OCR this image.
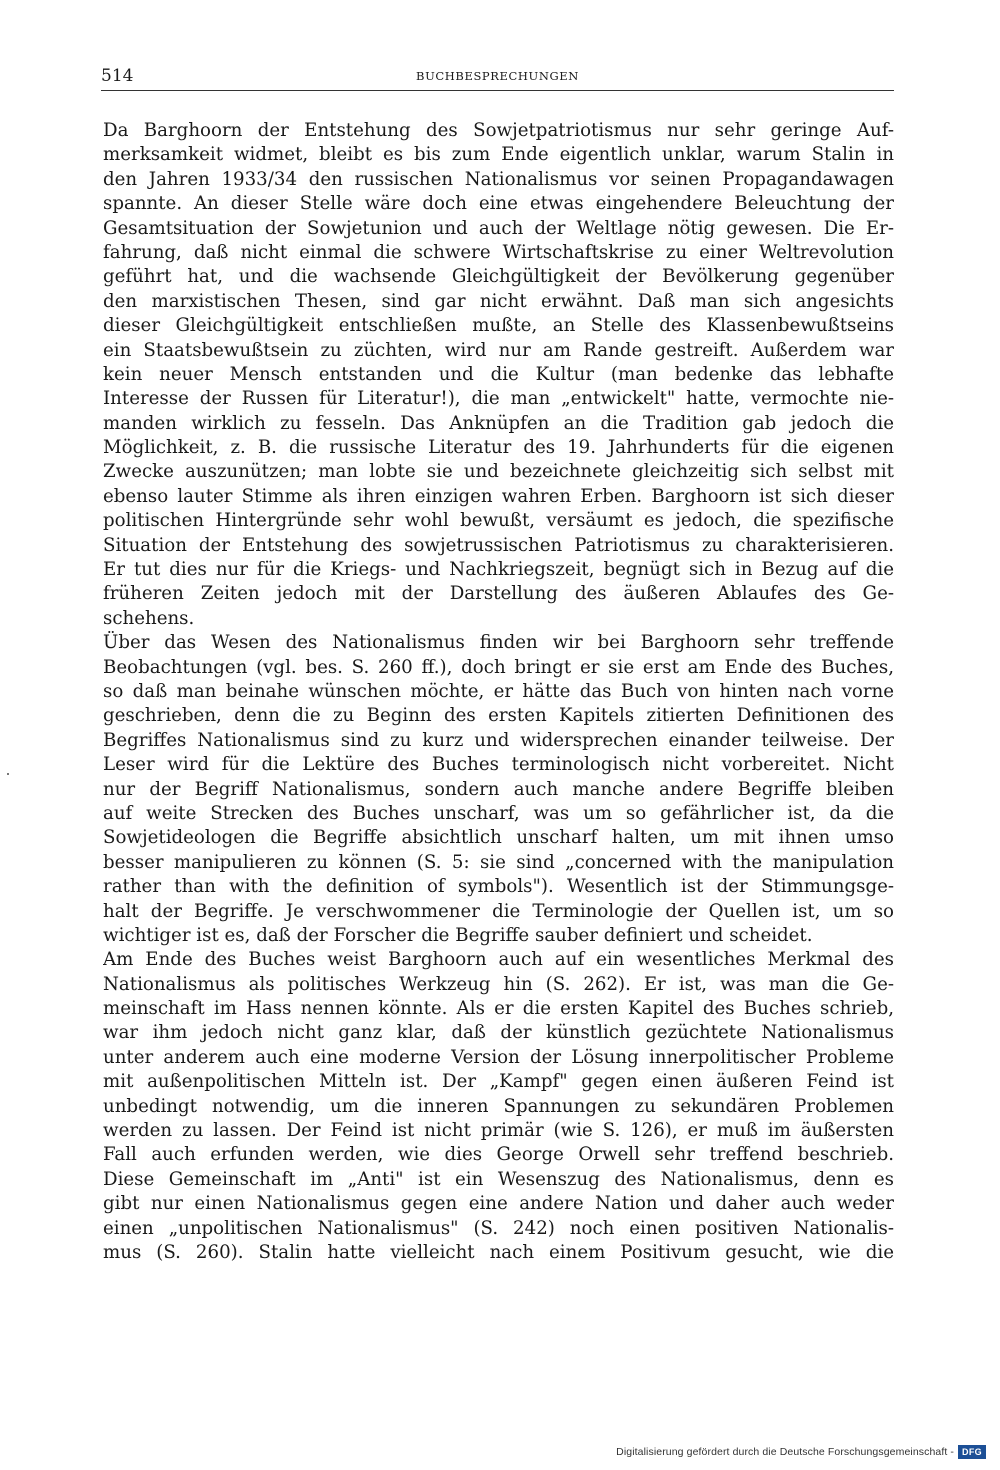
514	BUCHBESPRECHUNGEN
Da Barghoorn der Entstehung des Sowjetpatriotismus nur sehr geringe Auf-
merksamkeit widmet, bleibt es bis zum Ende eigentlich unklar, warum Stalin in
den Jahren 1933/34 den russischen Nationalismus vor seinen Propagandawagen
spannte. An dieser Stelle wäre doch eine etwas eingehendere Beleuchtung der
Gesamtsituation der Sowjetunion und auch der Weltlage nötig gewesen. Die Er-
fahrung, daß nicht einmal die schwere Wirtschaftskrise zu einer Weltrevolution
geführt hat, und die wachsende Gleichgültigkeit der Bevölkerung gegenüber
den marxistischen Thesen, sind gar nicht erwähnt. Daß man sich angesichts
dieser Gleichgültigkeit entschließen mußte, an Stelle des Klassenbewußtseins
ein Staatsbewußtsein zu züchten, wird nur am Rande gestreift. Außerdem war
kein neuer Mensch entstanden und die Kultur (man bedenke das lebhafte
Interesse der Russen für Literatur!), die man „entwickelt" hatte, vermochte nie-
manden wirklich zu fesseln. Das Anknüpfen an die Tradition gab jedoch die
Möglichkeit, z. B. die russische Literatur des 19. Jahrhunderts für die eigenen
Zwecke auszunützen; man lobte sie und bezeichnete gleichzeitig sich selbst mit
ebenso lauter Stimme als ihren einzigen wahren Erben. Barghoorn ist sich dieser
politischen Hintergründe sehr wohl bewußt, versäumt es jedoch, die spezifische
Situation der Entstehung des sowjetrussischen Patriotismus zu charakterisieren.
Er tut dies nur für die Kriegs- und Nachkriegszeit, begnügt sich in Bezug auf die
früheren Zeiten jedoch mit der Darstellung des äußeren Ablaufes des Ge-
schehens.
Über das Wesen des Nationalismus finden wir bei Barghoorn sehr treffende
Beobachtungen (vgl. bes. S. 260 ff.), doch bringt er sie erst am Ende des Buches,
so daß man beinahe wünschen möchte, er hätte das Buch von hinten nach vorne
geschrieben, denn die zu Beginn des ersten Kapitels zitierten Definitionen des
Begriffes Nationalismus sind zu kurz und widersprechen einander teilweise. Der
Leser wird für die Lektüre des Buches terminologisch nicht vorbereitet. Nicht
nur der Begriff Nationalismus, sondern auch manche andere Begriffe bleiben
auf weite Strecken des Buches unscharf, was um so gefährlicher ist, da die
Sowjetideologen die Begriffe absichtlich unscharf halten, um mit ihnen umso
besser manipulieren zu können (S. 5: sie sind „concerned with the manipulation
rather than with the definition of symbols"). Wesentlich ist der Stimmungsge-
halt der Begriffe. Je verschwommener die Terminologie der Quellen ist, um so
wichtiger ist es, daß der Forscher die Begriffe sauber definiert und scheidet.
Am Ende des Buches weist Barghoorn auch auf ein wesentliches Merkmal des
Nationalismus als politisches Werkzeug hin (S. 262). Er ist, was man die Ge-
meinschaft im Hass nennen könnte. Als er die ersten Kapitel des Buches schrieb,
war ihm jedoch nicht ganz klar, daß der künstlich gezüchtete Nationalismus
unter anderem auch eine moderne Version der Lösung innerpolitischer Probleme
mit außenpolitischen Mitteln ist. Der „Kampf" gegen einen äußeren Feind ist
unbedingt notwendig, um die inneren Spannungen zu sekundären Problemen
werden zu lassen. Der Feind ist nicht primär (wie S. 126), er muß im äußersten
Fall auch erfunden werden, wie dies George Orwell sehr treffend beschrieb.
Diese Gemeinschaft im „Anti" ist ein Wesenszug des Nationalismus, denn es
gibt nur einen Nationalismus gegen eine andere Nation und daher auch weder
einen „unpolitischen Nationalismus" (S. 242) noch einen positiven Nationalis-
mus (S. 260). Stalin hatte vielleicht nach einem Positivum gesucht, wie die
Digitalisierung gefördert durch die Deutsche Forschungsgemeinschaft - DFG
